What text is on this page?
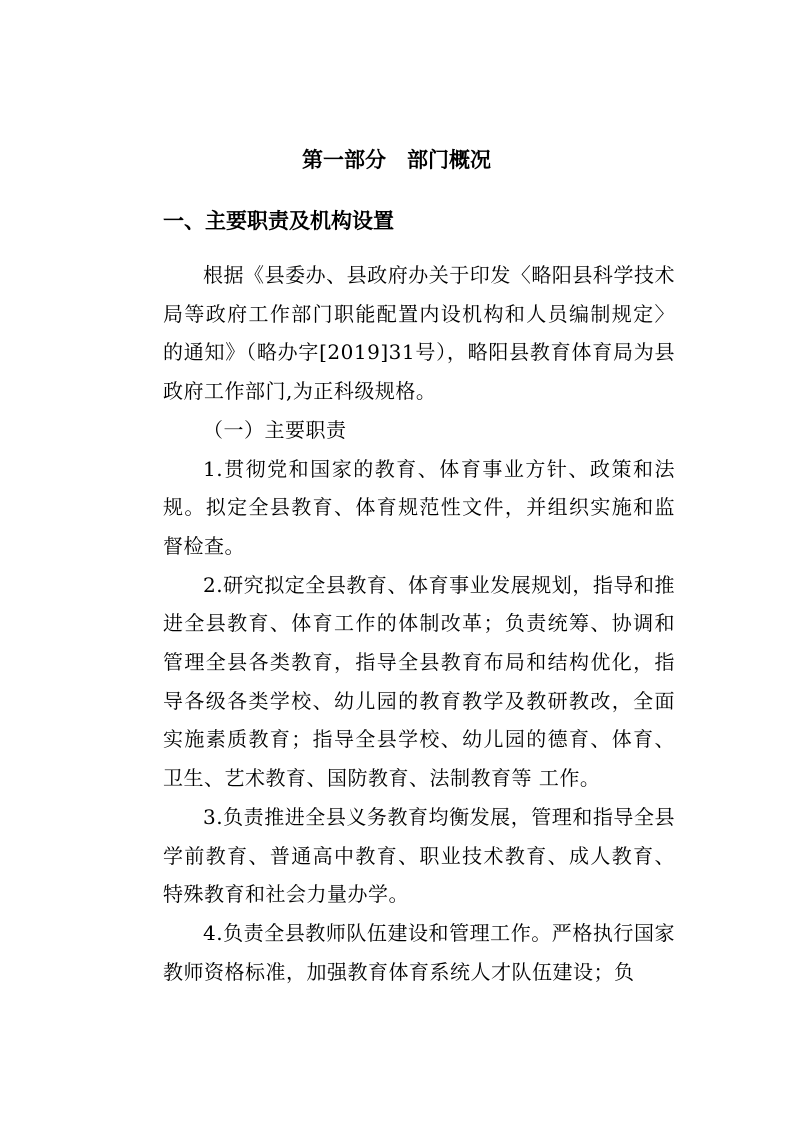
第一部分　部门概况
一、主要职责及机构设置

根据《县委办、县政府办关于印发〈略阳县科学技术局等政府工作部门职能配置内设机构和人员编制规定〉的通知》（略办字[2019]31号），略阳县教育体育局为县政府工作部门,为正科级规格。

（一）主要职责

1.贯彻党和国家的教育、体育事业方针、政策和法规。拟定全县教育、体育规范性文件，并组织实施和监督检查。

2.研究拟定全县教育、体育事业发展规划，指导和推进全县教育、体育工作的体制改革；负责统筹、协调和管理全县各类教育，指导全县教育布局和结构优化，指导各级各类学校、幼儿园的教育教学及教研教改，全面实施素质教育；指导全县学校、幼儿园的德育、体育、卫生、艺术教育、国防教育、法制教育等 工作。

3.负责推进全县义务教育均衡发展，管理和指导全县学前教育、普通高中教育、职业技术教育、成人教育、特殊教育和社会力量办学。

4.负责全县教师队伍建设和管理工作。严格执行国家教师资格标准，加强教育体育系统人才队伍建设；负
